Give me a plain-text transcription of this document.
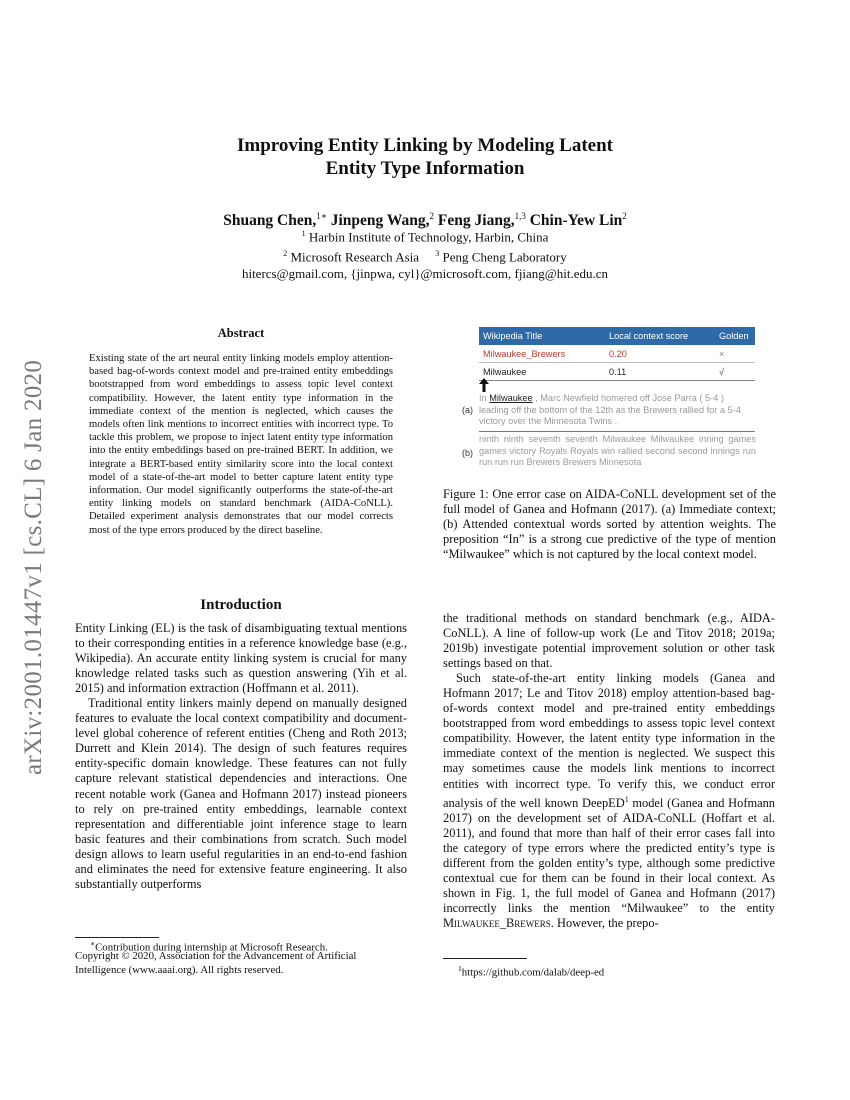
arXiv:2001.01447v1 [cs.CL] 6 Jan 2020
Improving Entity Linking by Modeling Latent
Entity Type Information
Shuang Chen,$^{1∗}$ Jinpeng Wang,$^2$ Feng Jiang,$^{1,3}$ Chin-Yew Lin$^2$
$^1$ Harbin Institute of Technology, Harbin, China
$^2$ Microsoft Research Asia $^3$ Peng Cheng Laboratory
hitercs@gmail.com, {jinpwa, cyl}@microsoft.com, fjiang@hit.edu.cn
Abstract
Existing state of the art neural entity linking models employ attention-based bag-of-words context model and pre-trained entity embeddings bootstrapped from word embeddings to assess topic level context compatibility. However, the latent entity type information in the immediate context of the mention is neglected, which causes the models often link mentions to incorrect entities with incorrect type. To tackle this problem, we propose to inject latent entity type information into the entity embeddings based on pre-trained BERT. In addition, we integrate a BERT-based entity similarity score into the local context model of a state-of-the-art model to better capture latent entity type information. Our model significantly outperforms the state-of-the-art entity linking models on standard benchmark (AIDA-CoNLL). Detailed experiment analysis demonstrates that our model corrects most of the type errors produced by the direct baseline.
Introduction

Entity Linking (EL) is the task of disambiguating textual mentions to their corresponding entities in a reference knowledge base (e.g., Wikipedia). An accurate entity linking system is crucial for many knowledge related tasks such as question answering (Yih et al. 2015) and information extraction (Hoffmann et al. 2011).

Traditional entity linkers mainly depend on manually designed features to evaluate the local context compatibility and document-level global coherence of referent entities (Cheng and Roth 2013; Durrett and Klein 2014). The design of such features requires entity-specific domain knowledge. These features can not fully capture relevant statistical dependencies and interactions. One recent notable work (Ganea and Hofmann 2017) instead pioneers to rely on pre-trained entity embeddings, learnable context representation and differentiable joint inference stage to learn basic features and their combinations from scratch. Such model design allows to learn useful regularities in an end-to-end fashion and eliminates the need for extensive feature engineering. It also substantially outperforms

the traditional methods on standard benchmark (e.g., AIDA-CoNLL). A line of follow-up work (Le and Titov 2018; 2019a; 2019b) investigate potential improvement solution or other task settings based on that.

Such state-of-the-art entity linking models (Ganea and Hofmann 2017; Le and Titov 2018) employ attention-based bag-of-words context model and pre-trained entity embeddings bootstrapped from word embeddings to assess topic level context compatibility. However, the latent entity type information in the immediate context of the mention is neglected. We suspect this may sometimes cause the models link mentions to incorrect entities with incorrect type. To verify this, we conduct error analysis of the well known DeepED$^1$ model (Ganea and Hofmann 2017) on the development set of AIDA-CoNLL (Hoffart et al. 2011), and found that more than half of their error cases fall into the category of type errors where the predicted entity’s type is different from the golden entity’s type, although some predictive contextual cue for them can be found in their local context. As shown in Fig. 1, the full model of Ganea and Hofmann (2017) incorrectly links the mention “Milwaukee” to the entity Milwaukee_Brewers. However, the prepo-

∗Contribution during internship at Microsoft Research.
Copyright © 2020, Association for the Advancement of Artificial Intelligence (www.aaai.org). All rights reserved.	$^1$https://github.com/dalab/deep-ed
Wikipedia Title	Local context score	Golden
Milwaukee_Brewers	0.20	×
Milwaukee	0.11	√
(a)
In Milwaukee , Marc Newfield homered off Jose Parra ( 5-4 ) leading off the bottom of the 12th as the Brewers rallied for a 5-4 victory over the Minnesota Twins .
(b)
ninth ninth seventh seventh Milwaukee Milwaukee inning games games victory Royals Royals win rallied second second innings run run run run Brewers Brewers Minnesota
Figure 1: One error case on AIDA-CoNLL development set of the full model of Ganea and Hofmann (2017). (a) Immediate context; (b) Attended contextual words sorted by attention weights. The preposition “In” is a strong cue predictive of the type of mention “Milwaukee” which is not captured by the local context model.
